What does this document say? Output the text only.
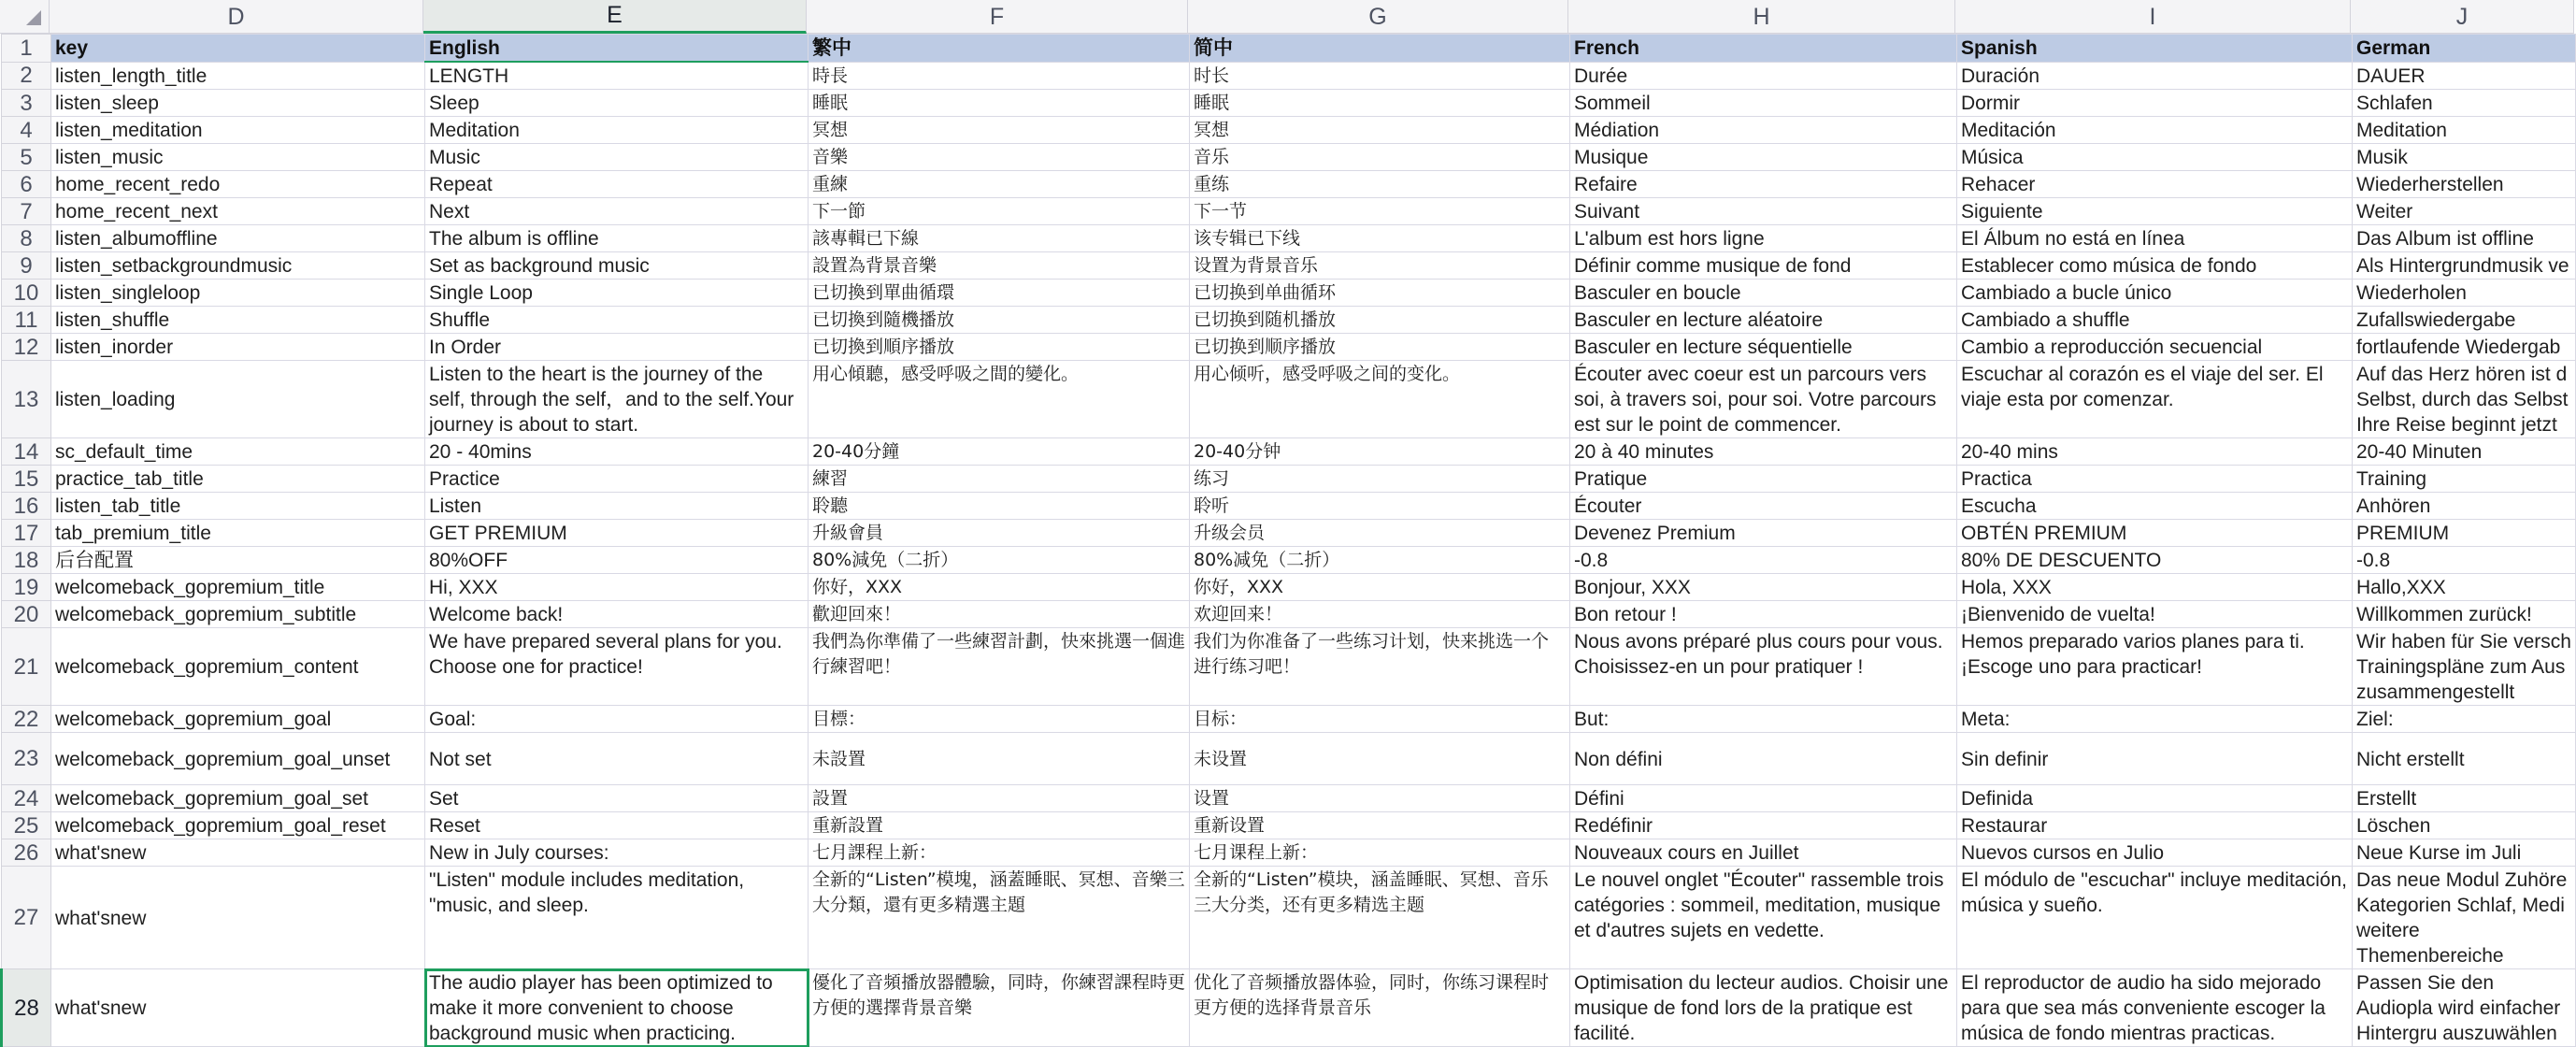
D	E	F	G	H	I	J
1	key	English	繁中	简中	French	Spanish	German
2	listen_length_title	LENGTH	時長	时长	Durée	Duración	DAUER
3	listen_sleep	Sleep	睡眠	睡眠	Sommeil	Dormir	Schlafen
4	listen_meditation	Meditation	冥想	冥想	Médiation	Meditación	Meditation
5	listen_music	Music	音樂	音乐	Musique	Música	Musik
6	home_recent_redo	Repeat	重練	重练	Refaire	Rehacer	Wiederherstellen
7	home_recent_next	Next	下一節	下一节	Suivant	Siguiente	Weiter
8	listen_albumoffline	The album is offline	該專輯已下線	该专辑已下线	L'album est hors ligne	El Álbum no está en línea	Das Album ist offline
9	listen_setbackgroundmusic	Set as background music	設置為背景音樂	设置为背景音乐	Définir comme musique de fond	Establecer como música de fondo	Als Hintergrundmusik ve
10	listen_singleloop	Single Loop	已切換到單曲循環	已切换到单曲循环	Basculer en boucle	Cambiado a bucle único	Wiederholen
11	listen_shuffle	Shuffle	已切換到隨機播放	已切换到随机播放	Basculer en lecture aléatoire	Cambiado a shuffle	Zufallswiedergabe
12	listen_inorder	In Order	已切換到順序播放	已切换到顺序播放	Basculer en lecture séquentielle	Cambio a reproducción secuencial	fortlaufende Wiedergab
13	listen_loading	Listen to the heart is the journey of the self, through the self，and to the self.Your journey is about to start.	用心傾聽，感受呼吸之間的變化。	用心倾听，感受呼吸之间的变化。	Écouter avec coeur est un parcours vers soi, à travers soi, pour soi. Votre parcours est sur le point de commencer.	Escuchar al corazón es el viaje del ser. El viaje esta por comenzar.	Auf das Herz hören ist d Selbst, durch das Selbst Ihre Reise beginnt jetzt
14	sc_default_time	20 - 40mins	20-40分鐘	20-40分钟	20 à 40 minutes	20-40 mins	20-40 Minuten
15	practice_tab_title	Practice	練習	练习	Pratique	Practica	Training
16	listen_tab_title	Listen	聆聽	聆听	Écouter	Escucha	Anhören
17	tab_premium_title	GET PREMIUM	升級會員	升级会员	Devenez Premium	OBTÉN PREMIUM	PREMIUM
18	后台配置	80%OFF	80%減免（二折）	80%减免（二折）	-0.8	80% DE DESCUENTO	-0.8
19	welcomeback_gopremium_title	Hi, XXX	你好，XXX	你好，XXX	Bonjour, XXX	Hola, XXX	Hallo,XXX
20	welcomeback_gopremium_subtitle	Welcome back!	歡迎回來！	欢迎回来！	Bon retour !	¡Bienvenido de vuelta!	Willkommen zurück!
21	welcomeback_gopremium_content	We have prepared several plans for you. Choose one for practice!	我們為你準備了一些練習計劃，快來挑選一個進行練習吧！	我们为你准备了一些练习计划，快来挑选一个进行练习吧！	Nous avons préparé plus cours pour vous. Choisissez-en un pour pratiquer !	Hemos preparado varios planes para ti. ¡Escoge uno para practicar!	Wir haben für Sie versch Trainingspläne zum Aus zusammengestellt
22	welcomeback_gopremium_goal	Goal:	目標：	目标：	But:	Meta:	Ziel:
23	welcomeback_gopremium_goal_unset	Not set	未設置	未设置	Non défini	Sin definir	Nicht erstellt
24	welcomeback_gopremium_goal_set	Set	設置	设置	Défini	Definida	Erstellt
25	welcomeback_gopremium_goal_reset	Reset	重新設置	重新设置	Redéfinir	Restaurar	Löschen
26	what'snew	New in July courses:	七月課程上新：	七月课程上新：	Nouveaux cours en Juillet	Nuevos cursos en Julio	Neue Kurse im Juli
27	what'snew	"Listen" module includes meditation, "music, and sleep.	全新的“Listen”模塊，涵蓋睡眠、冥想、音樂三大分類，還有更多精選主題	全新的“Listen”模块，涵盖睡眠、冥想、音乐三大分类，还有更多精选主题	Le nouvel onglet "Écouter" rassemble trois catégories : sommeil, meditation, musique et d'autres sujets en vedette.	El módulo de "escuchar" incluye meditación, música y sueño.	Das neue Modul Zuhöre Kategorien Schlaf, Medi weitere Themenbereiche
28	what'snew	The audio player has been optimized to make it more convenient to choose background music when practicing.	優化了音頻播放器體驗，同時，你練習課程時更方便的選擇背景音樂	优化了音频播放器体验，同时，你练习课程时更方便的选择背景音乐	Optimisation du lecteur audios. Choisir une musique de fond lors de la pratique est facilité.	El reproductor de audio ha sido mejorado para que sea más conveniente escoger la música de fondo mientras practicas.	Passen Sie den Audiopla wird einfacher Hintergru auszuwählen
